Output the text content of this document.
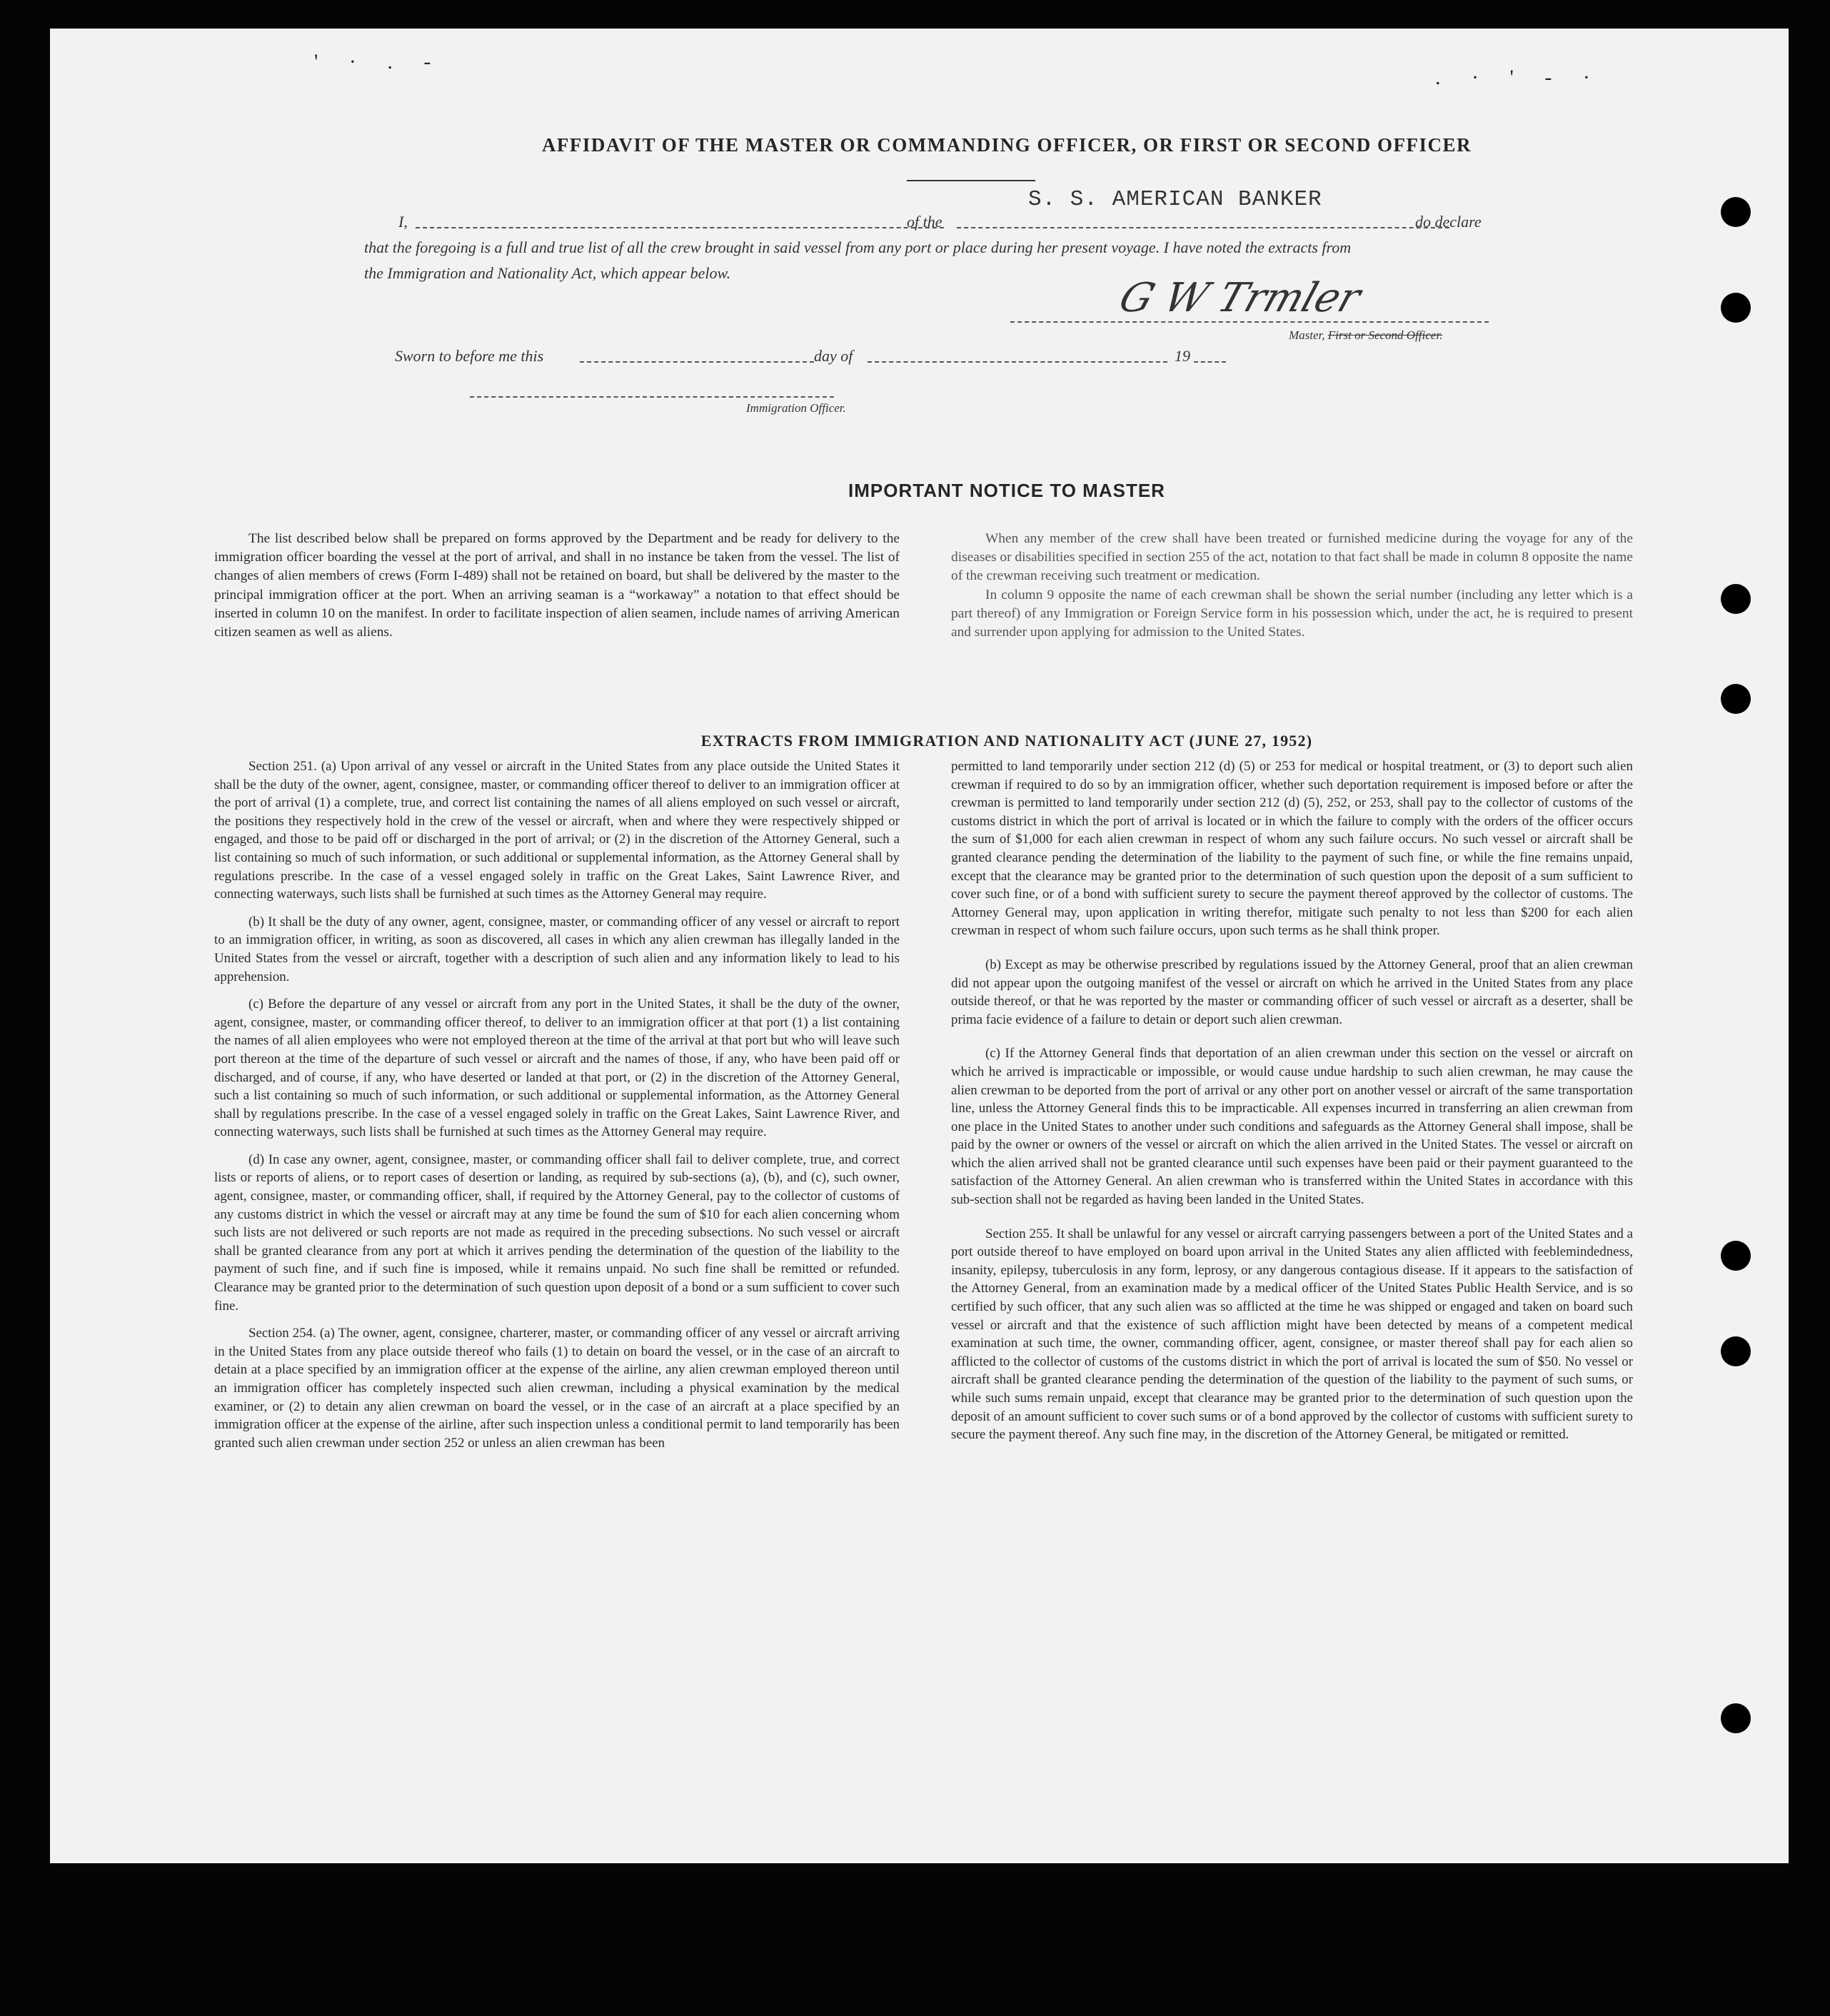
' · . -
. · ' - ·
AFFIDAVIT OF THE MASTER OR COMMANDING OFFICER, OR FIRST OR SECOND OFFICER
I,	of the
S. S. AMERICAN BANKER
do declare
that the foregoing is a full and true list of all the crew brought in said vessel from any port or place during her present voyage. I have noted the extracts from
the Immigration and Nationality Act, which appear below.
G W Trmler
Master, First or Second Officer.
Sworn to before me this	day of	19
Immigration Officer.
IMPORTANT NOTICE TO MASTER

The list described below shall be prepared on forms approved by the Department and be ready for delivery to the immigration officer boarding the vessel at the port of arrival, and shall in no instance be taken from the vessel. The list of changes of alien members of crews (Form I-489) shall not be retained on board, but shall be delivered by the master to the principal immigration officer at the port. When an arriving seaman is a “workaway” a notation to that effect should be inserted in column 10 on the manifest. In order to facilitate inspection of alien seamen, include names of arriving American citizen seamen as well as aliens.

When any member of the crew shall have been treated or furnished medicine during the voyage for any of the diseases or disabilities specified in section 255 of the act, notation to that fact shall be made in column 8 opposite the name of the crewman receiving such treatment or medication.

In column 9 opposite the name of each crewman shall be shown the serial number (including any letter which is a part thereof) of any Immigration or Foreign Service form in his possession which, under the act, he is required to present and surrender upon applying for admission to the United States.

EXTRACTS FROM IMMIGRATION AND NATIONALITY ACT (JUNE 27, 1952)

Section 251. (a) Upon arrival of any vessel or aircraft in the United States from any place outside the United States it shall be the duty of the owner, agent, consignee, master, or commanding officer thereof to deliver to an immigration officer at the port of arrival (1) a complete, true, and correct list containing the names of all aliens employed on such vessel or aircraft, the positions they respectively hold in the crew of the vessel or aircraft, when and where they were respectively shipped or engaged, and those to be paid off or discharged in the port of arrival; or (2) in the discretion of the Attorney General, such a list containing so much of such information, or such additional or supplemental information, as the Attorney General shall by regulations prescribe. In the case of a vessel engaged solely in traffic on the Great Lakes, Saint Lawrence River, and connecting waterways, such lists shall be furnished at such times as the Attorney General may require.

(b) It shall be the duty of any owner, agent, consignee, master, or commanding officer of any vessel or aircraft to report to an immigration officer, in writing, as soon as discovered, all cases in which any alien crewman has illegally landed in the United States from the vessel or aircraft, together with a description of such alien and any information likely to lead to his apprehension.

(c) Before the departure of any vessel or aircraft from any port in the United States, it shall be the duty of the owner, agent, consignee, master, or commanding officer thereof, to deliver to an immigration officer at that port (1) a list containing the names of all alien employees who were not employed thereon at the time of the arrival at that port but who will leave such port thereon at the time of the departure of such vessel or aircraft and the names of those, if any, who have been paid off or discharged, and of course, if any, who have deserted or landed at that port, or (2) in the discretion of the Attorney General, such a list containing so much of such information, or such additional or supplemental information, as the Attorney General shall by regulations prescribe. In the case of a vessel engaged solely in traffic on the Great Lakes, Saint Lawrence River, and connecting waterways, such lists shall be furnished at such times as the Attorney General may require.

(d) In case any owner, agent, consignee, master, or commanding officer shall fail to deliver complete, true, and correct lists or reports of aliens, or to report cases of desertion or landing, as required by sub-sections (a), (b), and (c), such owner, agent, consignee, master, or commanding officer, shall, if required by the Attorney General, pay to the collector of customs of any customs district in which the vessel or aircraft may at any time be found the sum of $10 for each alien concerning whom such lists are not delivered or such reports are not made as required in the preceding subsections. No such vessel or aircraft shall be granted clearance from any port at which it arrives pending the determination of the question of the liability to the payment of such fine, and if such fine is imposed, while it remains unpaid. No such fine shall be remitted or refunded. Clearance may be granted prior to the determination of such question upon deposit of a bond or a sum sufficient to cover such fine.

Section 254. (a) The owner, agent, consignee, charterer, master, or commanding officer of any vessel or aircraft arriving in the United States from any place outside thereof who fails (1) to detain on board the vessel, or in the case of an aircraft to detain at a place specified by an immigration officer at the expense of the airline, any alien crewman employed thereon until an immigration officer has completely inspected such alien crewman, including a physical examination by the medical examiner, or (2) to detain any alien crewman on board the vessel, or in the case of an aircraft at a place specified by an immigration officer at the expense of the airline, after such inspection unless a conditional permit to land temporarily has been granted such alien crewman under section 252 or unless an alien crewman has been

permitted to land temporarily under section 212 (d) (5) or 253 for medical or hospital treatment, or (3) to deport such alien crewman if required to do so by an immigration officer, whether such deportation requirement is imposed before or after the crewman is permitted to land temporarily under section 212 (d) (5), 252, or 253, shall pay to the collector of customs of the customs district in which the port of arrival is located or in which the failure to comply with the orders of the officer occurs the sum of $1,000 for each alien crewman in respect of whom any such failure occurs. No such vessel or aircraft shall be granted clearance pending the determination of the liability to the payment of such fine, or while the fine remains unpaid, except that the clearance may be granted prior to the determination of such question upon the deposit of a sum sufficient to cover such fine, or of a bond with sufficient surety to secure the payment thereof approved by the collector of customs. The Attorney General may, upon application in writing therefor, mitigate such penalty to not less than $200 for each alien crewman in respect of whom such failure occurs, upon such terms as he shall think proper.

(b) Except as may be otherwise prescribed by regulations issued by the Attorney General, proof that an alien crewman did not appear upon the outgoing manifest of the vessel or aircraft on which he arrived in the United States from any place outside thereof, or that he was reported by the master or commanding officer of such vessel or aircraft as a deserter, shall be prima facie evidence of a failure to detain or deport such alien crewman.

(c) If the Attorney General finds that deportation of an alien crewman under this section on the vessel or aircraft on which he arrived is impracticable or impossible, or would cause undue hardship to such alien crewman, he may cause the alien crewman to be deported from the port of arrival or any other port on another vessel or aircraft of the same transportation line, unless the Attorney General finds this to be impracticable. All expenses incurred in transferring an alien crewman from one place in the United States to another under such conditions and safeguards as the Attorney General shall impose, shall be paid by the owner or owners of the vessel or aircraft on which the alien arrived in the United States. The vessel or aircraft on which the alien arrived shall not be granted clearance until such expenses have been paid or their payment guaranteed to the satisfaction of the Attorney General. An alien crewman who is transferred within the United States in accordance with this sub-section shall not be regarded as having been landed in the United States.

Section 255. It shall be unlawful for any vessel or aircraft carrying passengers between a port of the United States and a port outside thereof to have employed on board upon arrival in the United States any alien afflicted with feeblemindedness, insanity, epilepsy, tuberculosis in any form, leprosy, or any dangerous contagious disease. If it appears to the satisfaction of the Attorney General, from an examination made by a medical officer of the United States Public Health Service, and is so certified by such officer, that any such alien was so afflicted at the time he was shipped or engaged and taken on board such vessel or aircraft and that the existence of such affliction might have been detected by means of a competent medical examination at such time, the owner, commanding officer, agent, consignee, or master thereof shall pay for each alien so afflicted to the collector of customs of the customs district in which the port of arrival is located the sum of $50. No vessel or aircraft shall be granted clearance pending the determination of the question of the liability to the payment of such sums, or while such sums remain unpaid, except that clearance may be granted prior to the determination of such question upon the deposit of an amount sufficient to cover such sums or of a bond approved by the collector of customs with sufficient surety to secure the payment thereof. Any such fine may, in the discretion of the Attorney General, be mitigated or remitted.
